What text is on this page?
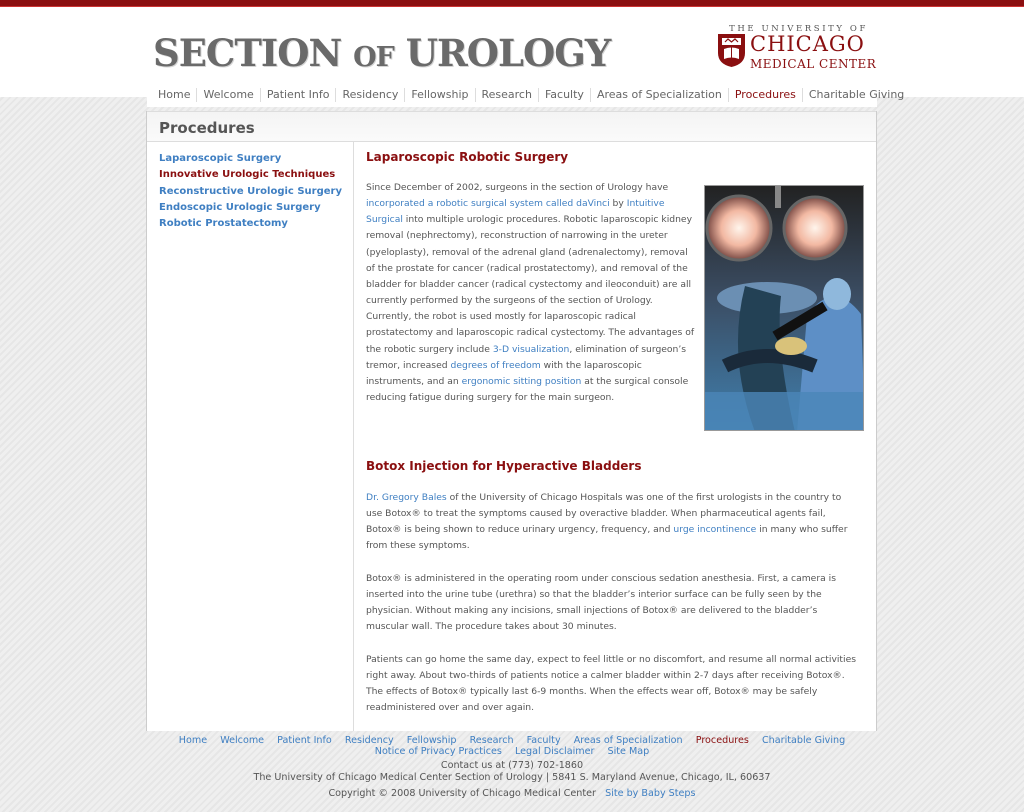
SECTION OF UROLOGY
THE UNIVERSITY OF
CHICAGO
MEDICAL CENTER
Home	Welcome	Patient Info	Residency	Fellowship	Research	Faculty	Areas of Specialization	Procedures	Charitable Giving
Procedures
Laparoscopic Surgery
Innovative Urologic Techniques
Reconstructive Urologic Surgery
Endoscopic Urologic Surgery
Robotic Prostatectomy
Laparoscopic Robotic Surgery
Since December of 2002, surgeons in the section of Urology have incorporated a robotic surgical system called daVinci by Intuitive Surgical into multiple urologic procedures. Robotic laparoscopic kidney removal (nephrectomy), reconstruction of narrowing in the ureter (pyeloplasty), removal of the adrenal gland (adrenalectomy), removal of the prostate for cancer (radical prostatectomy), and removal of the bladder for bladder cancer (radical cystectomy and ileoconduit) are all currently performed by the surgeons of the section of Urology. Currently, the robot is used mostly for laparoscopic radical prostatectomy and laparoscopic radical cystectomy. The advantages of the robotic surgery include 3-D visualization, elimination of surgeon’s tremor, increased degrees of freedom with the laparoscopic instruments, and an ergonomic sitting position at the surgical console reducing fatigue during surgery for the main surgeon.
Botox Injection for Hyperactive Bladders
Dr. Gregory Bales of the University of Chicago Hospitals was one of the first urologists in the country to use Botox® to treat the symptoms caused by overactive bladder. When pharmaceutical agents fail, Botox® is being shown to reduce urinary urgency, frequency, and urge incontinence in many who suffer from these symptoms.
Botox® is administered in the operating room under conscious sedation anesthesia. First, a camera is inserted into the urine tube (urethra) so that the bladder’s interior surface can be fully seen by the physician. Without making any incisions, small injections of Botox® are delivered to the bladder’s muscular wall. The procedure takes about 30 minutes.
Patients can go home the same day, expect to feel little or no discomfort, and resume all normal activities right away. About two-thirds of patients notice a calmer bladder within 2-7 days after receiving Botox®. The effects of Botox® typically last 6-9 months. When the effects wear off, Botox® may be safely readministered over and over again.
Home Welcome Patient Info Residency Fellowship Research Faculty Areas of Specialization Procedures Charitable Giving
Notice of Privacy Practices Legal Disclaimer Site Map
Contact us at (773) 702-1860
The University of Chicago Medical Center Section of Urology | 5841 S. Maryland Avenue, Chicago, IL, 60637
Copyright © 2008 University of Chicago Medical Center Site by Baby Steps
